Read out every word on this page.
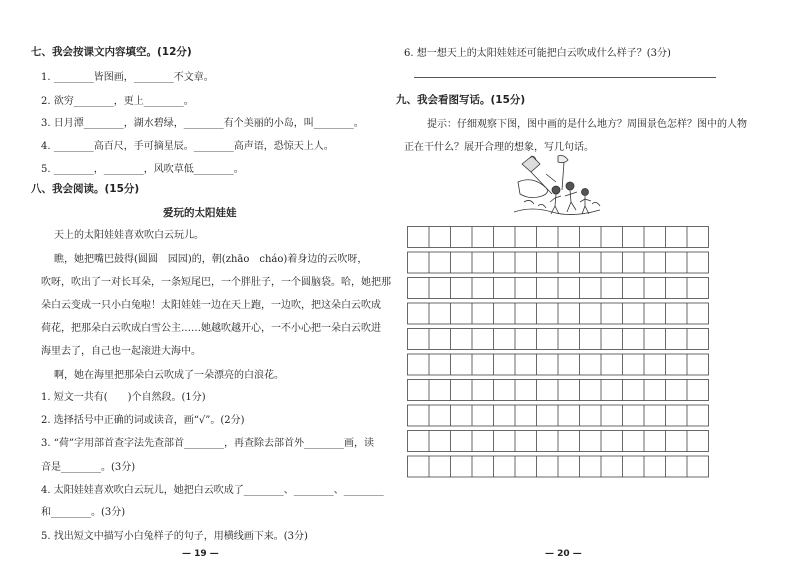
七、我会按课文内容填空。(12分)
1. ________皆图画，________不文章。
2. 欲穷________，更上________。
3. 日月潭________，湖水碧绿，________有个美丽的小岛，叫________。
4. ________高百尺，手可摘星辰。________高声语，恐惊天上人。
5. ________，________，风吹草低________。
八、我会阅读。(15分)
爱玩的太阳娃娃
天上的太阳娃娃喜欢吹白云玩儿。
瞧，她把嘴巴鼓得(圆圆　园园)的，朝(zhāo　cháo)着身边的云吹呀，
吹呀，吹出了一对长耳朵，一条短尾巴，一个胖肚子，一个圆脑袋。哈，她把那
朵白云变成一只小白兔啦！太阳娃娃一边在天上跑，一边吹，把这朵白云吹成
荷花，把那朵白云吹成白雪公主……她越吹越开心，一不小心把一朵白云吹进
海里去了，自己也一起滚进大海中。
啊，她在海里把那朵白云吹成了一朵漂亮的白浪花。
1. 短文一共有(　　)个自然段。(1分)
2. 选择括号中正确的词或读音，画“√”。(2分)
3. “荷”字用部首查字法先查部首________，再查除去部首外________画，读
音是________。(3分)
4. 太阳娃娃喜欢吹白云玩儿，她把白云吹成了________、________、________
和________。(3分)
5. 找出短文中描写小白兔样子的句子，用横线画下来。(3分)
— 19 —
6. 想一想天上的太阳娃娃还可能把白云吹成什么样子？(3分)
九、我会看图写话。(15分)
提示：仔细观察下图，图中画的是什么地方？周围景色怎样？图中的人物
正在干什么？展开合理的想象，写几句话。
— 20 —
